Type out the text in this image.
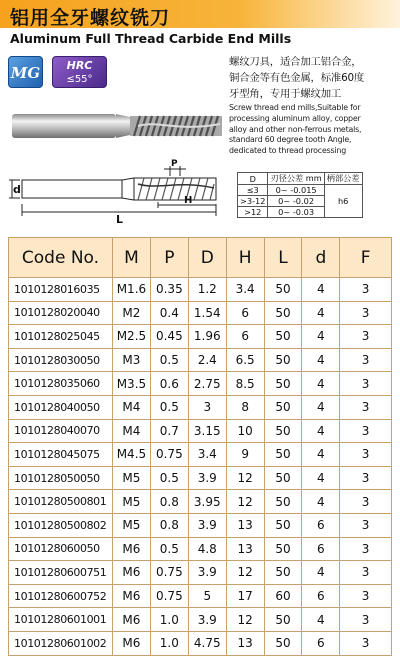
铝用全牙螺纹铣刀
Aluminum Full Thread Carbide End Mills
MG	HRC
≤55°
螺纹刀具，适合加工铝合金，
铜合金等有色金属，标准60度
牙型角，专用于螺纹加工
Screw thread end mills,Suitable for
processing aluminum alloy, copper
alloy and other non-ferrous metals,
standard 60 degree tooth Angle,
dedicated to thread processing
d
P
H
L
D	刃径公差 mm	柄部公差
≤3	0~ -0.015	h6
>3-12	0~ -0.02	
>12	0~ -0.03	
Code No.	M	P	D	H	L	d	F
1010128016035	M1.6	0.35	1.2	3.4	50	4	3
1010128020040	M2	0.4	1.54	6	50	4	3
1010128025045	M2.5	0.45	1.96	6	50	4	3
1010128030050	M3	0.5	2.4	6.5	50	4	3
1010128035060	M3.5	0.6	2.75	8.5	50	4	3
1010128040050	M4	0.5	3	8	50	4	3
1010128040070	M4	0.7	3.15	10	50	4	3
1010128045075	M4.5	0.75	3.4	9	50	4	3
1010128050050	M5	0.5	3.9	12	50	4	3
10101280500801	M5	0.8	3.95	12	50	4	3
10101280500802	M5	0.8	3.9	13	50	6	3
1010128060050	M6	0.5	4.8	13	50	6	3
10101280600751	M6	0.75	3.9	12	50	4	3
10101280600752	M6	0.75	5	17	60	6	3
10101280601001	M6	1.0	3.9	12	50	4	3
10101280601002	M6	1.0	4.75	13	50	6	3
